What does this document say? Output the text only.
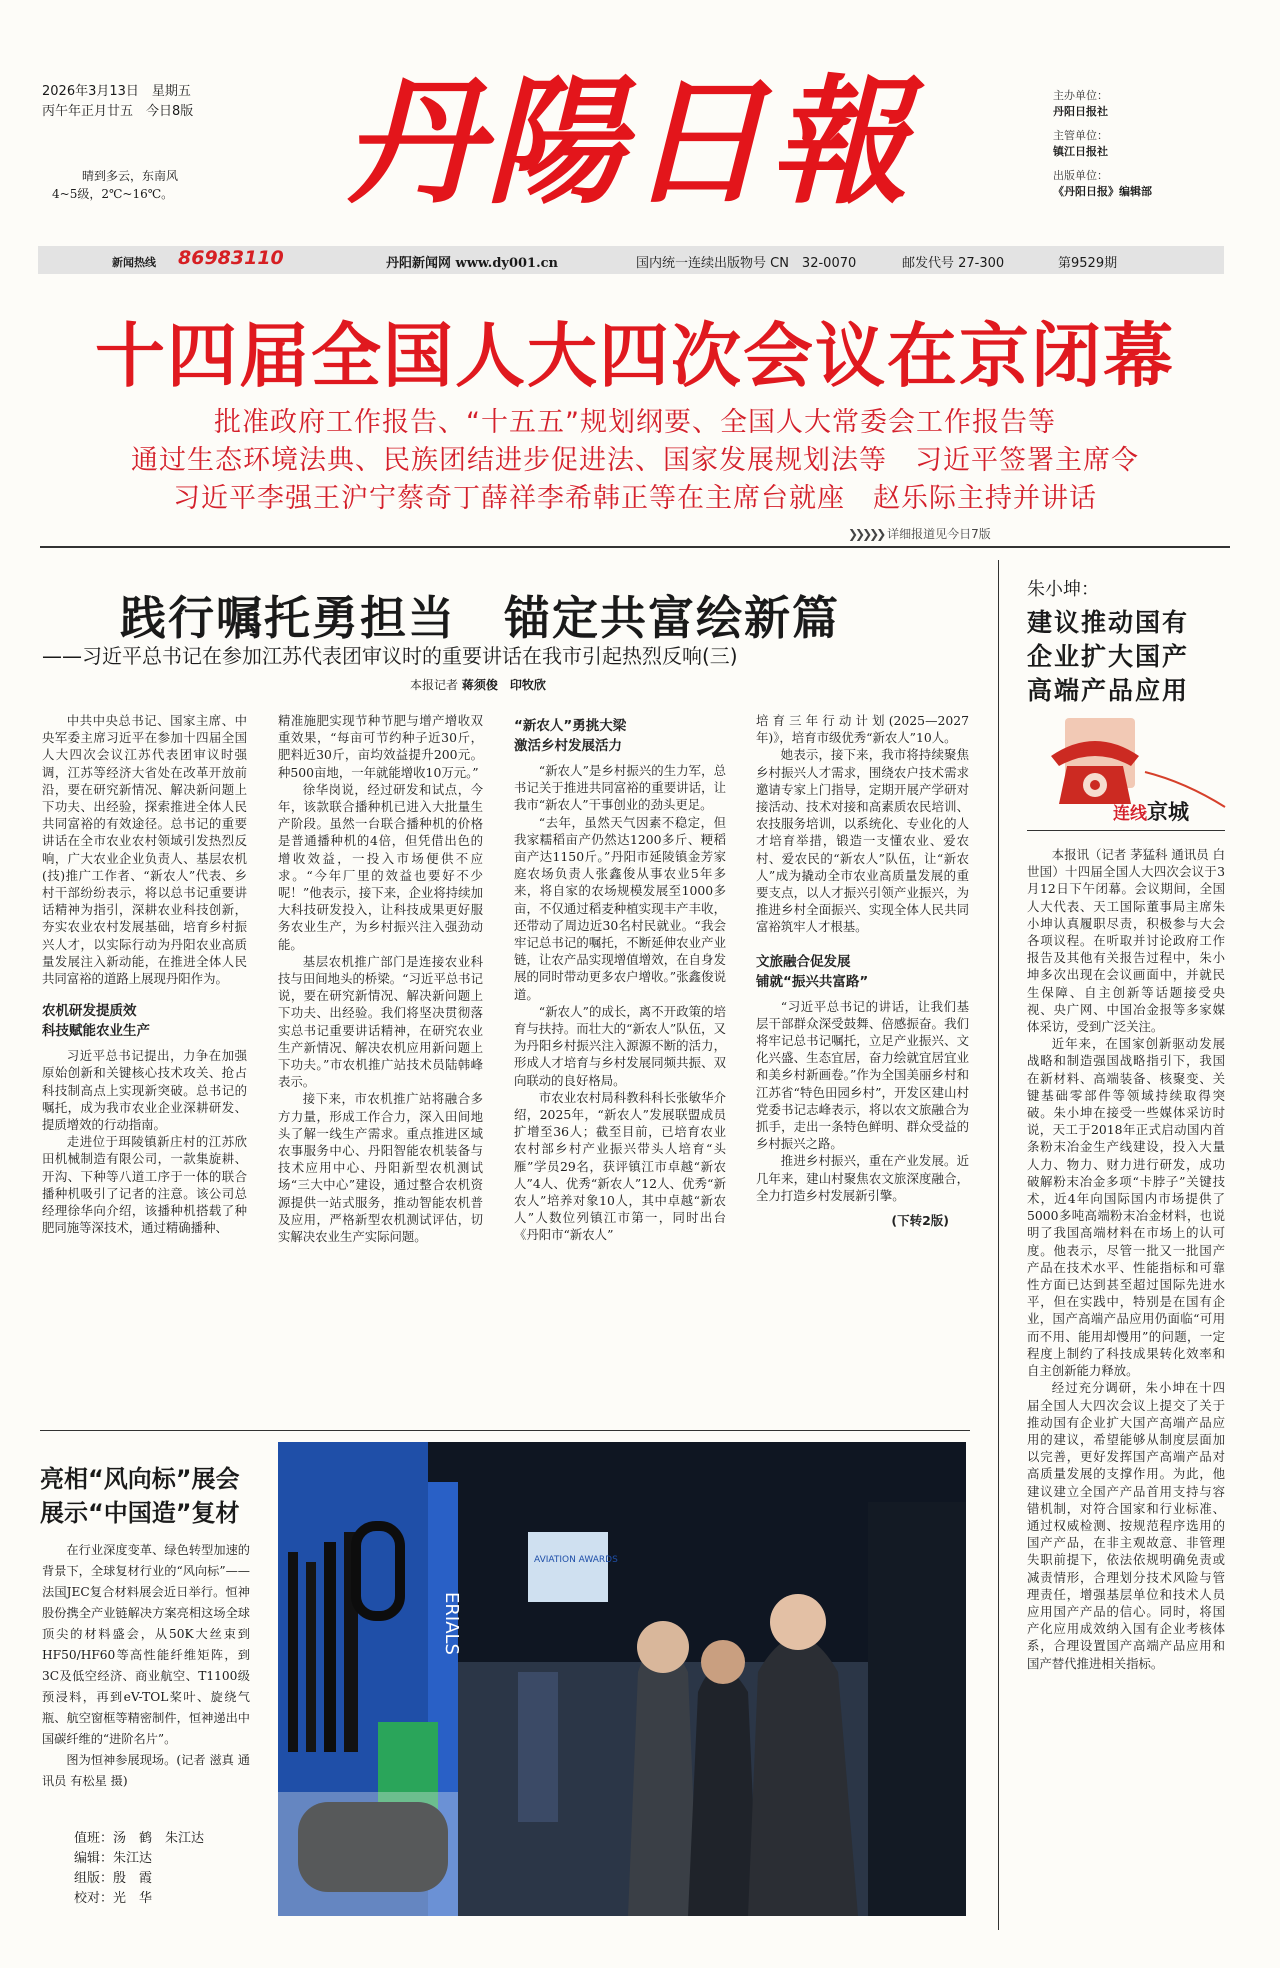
2026年3月13日　星期五
丙午年正月廿五　今日8版
晴到多云，东南风
4~5级，2℃~16℃。 丹陽日報	主办单位：
丹阳日报社
主管单位：
镇江日报社
出版单位：
《丹阳日报》编辑部
新闻热线 86983110	丹阳新闻网 www.dy001.cn	国内统一连续出版物号 CN　32-0070	邮发代号 27-300	第9529期
十四届全国人大四次会议在京闭幕
批准政府工作报告、“十五五”规划纲要、全国人大常委会工作报告等
通过生态环境法典、民族团结进步促进法、国家发展规划法等　习近平签署主席令
习近平李强王沪宁蔡奇丁薛祥李希韩正等在主席台就座　赵乐际主持并讲话
❯❯❯❯❯ 详细报道见今日7版
践行嘱托勇担当　锚定共富绘新篇
——习近平总书记在参加江苏代表团审议时的重要讲话在我市引起热烈反响(三)
本报记者 蒋须俊　印牧欣

中共中央总书记、国家主席、中央军委主席习近平在参加十四届全国人大四次会议江苏代表团审议时强调，江苏等经济大省处在改革开放前沿，要在研究新情况、解决新问题上下功夫、出经验，探索推进全体人民共同富裕的有效途径。总书记的重要讲话在全市农业农村领域引发热烈反响，广大农业企业负责人、基层农机(技)推广工作者、“新农人”代表、乡村干部纷纷表示，将以总书记重要讲话精神为指引，深耕农业科技创新，夯实农业农村发展基础，培育乡村振兴人才，以实际行动为丹阳农业高质量发展注入新动能，在推进全体人民共同富裕的道路上展现丹阳作为。

农机研发提质效
科技赋能农业生产

习近平总书记提出，力争在加强原始创新和关键核心技术攻关、抢占科技制高点上实现新突破。总书记的嘱托，成为我市农业企业深耕研发、提质增效的行动指南。

走进位于珥陵镇新庄村的江苏欣田机械制造有限公司，一款集旋耕、开沟、下种等八道工序于一体的联合播种机吸引了记者的注意。该公司总经理徐华向介绍，该播种机搭载了种肥同施等深技术，通过精确播种、

精准施肥实现节种节肥与增产增收双重效果，“每亩可节约种子近30斤，肥料近30斤，亩均效益提升200元。种500亩地，一年就能增收10万元。”

徐华岗说，经过研发和试点，今年，该款联合播种机已进入大批量生产阶段。虽然一台联合播种机的价格是普通播种机的4倍，但凭借出色的增收效益，一投入市场便供不应求。“今年厂里的效益也要好不少呢！”他表示，接下来，企业将持续加大科技研发投入，让科技成果更好服务农业生产，为乡村振兴注入强劲动能。

基层农机推广部门是连接农业科技与田间地头的桥梁。“习近平总书记说，要在研究新情况、解决新问题上下功夫、出经验。我们将坚决贯彻落实总书记重要讲话精神，在研究农业生产新情况、解决农机应用新问题上下功夫。”市农机推广站技术员陆韩峰表示。

接下来，市农机推广站将融合多方力量，形成工作合力，深入田间地头了解一线生产需求。重点推进区域农事服务中心、丹阳智能农机装备与技术应用中心、丹阳新型农机测试场“三大中心”建设，通过整合农机资源提供一站式服务，推动智能农机普及应用，严格新型农机测试评估，切实解决农业生产实际问题。

“新农人”勇挑大梁
激活乡村发展活力

“新农人”是乡村振兴的生力军，总书记关于推进共同富裕的重要讲话，让我市“新农人”干事创业的劲头更足。

“去年，虽然天气因素不稳定，但我家糯稻亩产仍然达1200多斤、粳稻亩产达1150斤。”丹阳市延陵镇金芳家庭农场负责人张鑫俊从事农业5年多来，将自家的农场规模发展至1000多亩，不仅通过稻麦种植实现丰产丰收，还带动了周边近30名村民就业。“我会牢记总书记的嘱托，不断延伸农业产业链，让农产品实现增值增效，在自身发展的同时带动更多农户增收。”张鑫俊说道。

“新农人”的成长，离不开政策的培育与扶持。而壮大的“新农人”队伍，又为丹阳乡村振兴注入源源不断的活力，形成人才培育与乡村发展同频共振、双向联动的良好格局。

市农业农村局科教科科长张敏华介绍，2025年，“新农人”发展联盟成员扩增至36人；截至目前，已培育农业农村部乡村产业振兴带头人培育“头雁”学员29名，获评镇江市卓越“新农人”4人、优秀“新农人”12人、优秀“新农人”培养对象10人，其中卓越“新农人”人数位列镇江市第一，同时出台《丹阳市“新农人”

培育三年行动计划(2025—2027年)》，培育市级优秀“新农人”10人。

她表示，接下来，我市将持续聚焦乡村振兴人才需求，围绕农户技术需求邀请专家上门指导，定期开展产学研对接活动、技术对接和高素质农民培训、农技服务培训，以系统化、专业化的人才培育举措，锻造一支懂农业、爱农村、爱农民的“新农人”队伍，让“新农人”成为撬动全市农业高质量发展的重要支点，以人才振兴引领产业振兴，为推进乡村全面振兴、实现全体人民共同富裕筑牢人才根基。

文旅融合促发展
铺就“振兴共富路”

“习近平总书记的讲话，让我们基层干部群众深受鼓舞、倍感振奋。我们将牢记总书记嘱托，立足产业振兴、文化兴盛、生态宜居，奋力绘就宜居宜业和美乡村新画卷。”作为全国美丽乡村和江苏省“特色田园乡村”，开发区建山村党委书记志峰表示，将以农文旅融合为抓手，走出一条特色鲜明、群众受益的乡村振兴之路。

推进乡村振兴，重在产业发展。近几年来，建山村聚焦农文旅深度融合，全力打造乡村发展新引擎。

(下转2版)
朱小坤：
建议推动国有
企业扩大国产
高端产品应用
连线京城

本报讯（记者 茅猛科 通讯员 白世国）十四届全国人大四次会议于3月12日下午闭幕。会议期间，全国人大代表、天工国际董事局主席朱小坤认真履职尽责，积极参与大会各项议程。在听取并讨论政府工作报告及其他有关报告过程中，朱小坤多次出现在会议画面中，并就民生保障、自主创新等话题接受央视、央广网、中国冶金报等多家媒体采访，受到广泛关注。

近年来，在国家创新驱动发展战略和制造强国战略指引下，我国在新材料、高端装备、核聚变、关键基础零部件等领域持续取得突破。朱小坤在接受一些媒体采访时说，天工于2018年正式启动国内首条粉末冶金生产线建设，投入大量人力、物力、财力进行研发，成功破解粉末冶金多项“卡脖子”关键技术，近4年向国际国内市场提供了5000多吨高端粉末冶金材料，也说明了我国高端材料在市场上的认可度。他表示，尽管一批又一批国产产品在技术水平、性能指标和可靠性方面已达到甚至超过国际先进水平，但在实践中，特别是在国有企业，国产高端产品应用仍面临“可用而不用、能用却慢用”的问题，一定程度上制约了科技成果转化效率和自主创新能力释放。

经过充分调研，朱小坤在十四届全国人大四次会议上提交了关于推动国有企业扩大国产高端产品应用的建议，希望能够从制度层面加以完善，更好发挥国产高端产品对高质量发展的支撑作用。为此，他建议建立全国产产品首用支持与容错机制，对符合国家和行业标准、通过权威检测、按规范程序选用的国产产品，在非主观故意、非管理失职前提下，依法依规明确免责或减责情形，合理划分技术风险与管理责任，增强基层单位和技术人员应用国产产品的信心。同时，将国产化应用成效纳入国有企业考核体系，合理设置国产高端产品应用和国产替代推进相关指标。

亮相“风向标”展会
展示“中国造”复材

在行业深度变革、绿色转型加速的背景下，全球复材行业的“风向标”——法国JEC复合材料展会近日举行。恒神股份携全产业链解决方案亮相这场全球顶尖的材料盛会，从50K大丝束到HF50/HF60等高性能纤维矩阵，到3C及低空经济、商业航空、T1100级预浸料，再到eV-TOL桨叶、旋绕气瓶、航空窗框等精密制件，恒神递出中国碳纤维的“进阶名片”。

图为恒神参展现场。(记者 滋真 通讯员 有松星 摄)

值班：汤　鹤　朱江达
编辑：朱江达
组版：殷　霞
校对：光　华
ERIALS
AVIATION AWARDS
